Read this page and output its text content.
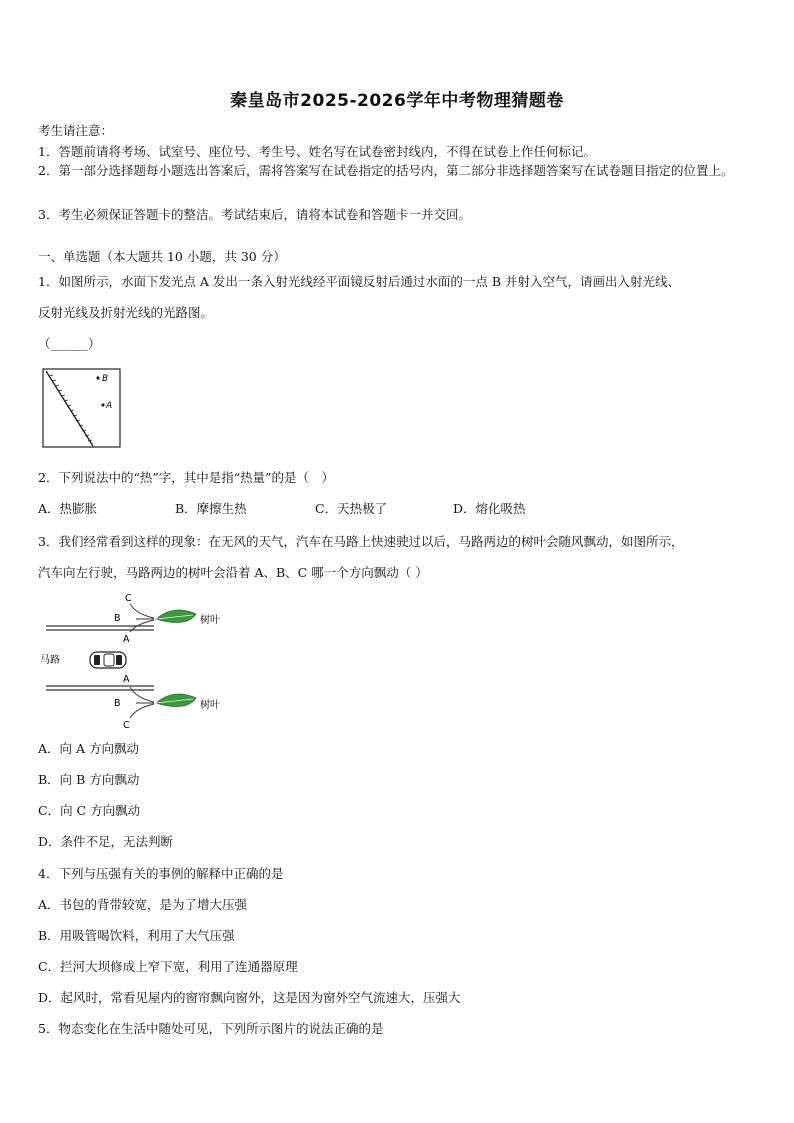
秦皇岛市2025-2026学年中考物理猜题卷
考生请注意：
1．答题前请将考场、试室号、座位号、考生号、姓名写在试卷密封线内，不得在试卷上作任何标记。
2．第一部分选择题每小题选出答案后，需将答案写在试卷指定的括号内，第二部分非选择题答案写在试卷题目指定的位置上。
3．考生必须保证答题卡的整洁。考试结束后，请将本试卷和答题卡一并交回。
一、单选题（本大题共 10 小题，共 30 分）
1．如图所示，水面下发光点 A 发出一条入射光线经平面镜反射后通过水面的一点 B 并射入空气，请画出入射光线、
反射光线及折射光线的光路图。
（______）
B
A
2．下列说法中的“热”字，其中是指“热量”的是（　）
A．热膨胀	B．摩擦生热	C．天热极了	D．熔化吸热
3．我们经常看到这样的现象：在无风的天气，汽车在马路上快速驶过以后，马路两边的树叶会随风飘动，如图所示，
汽车向左行驶，马路两边的树叶会沿着 A、B、C 哪一个方向飘动（ ）
C
B
A
树叶
马路
A
B
C
树叶
A．向 A 方向飘动
B．向 B 方向飘动
C．向 C 方向飘动
D．条件不足，无法判断
4．下列与压强有关的事例的解释中正确的是
A．书包的背带较宽，是为了增大压强
B．用吸管喝饮料，利用了大气压强
C．拦河大坝修成上窄下宽，利用了连通器原理
D．起风时，常看见屋内的窗帘飘向窗外，这是因为窗外空气流速大，压强大
5．物态变化在生活中随处可见，下列所示图片的说法正确的是
